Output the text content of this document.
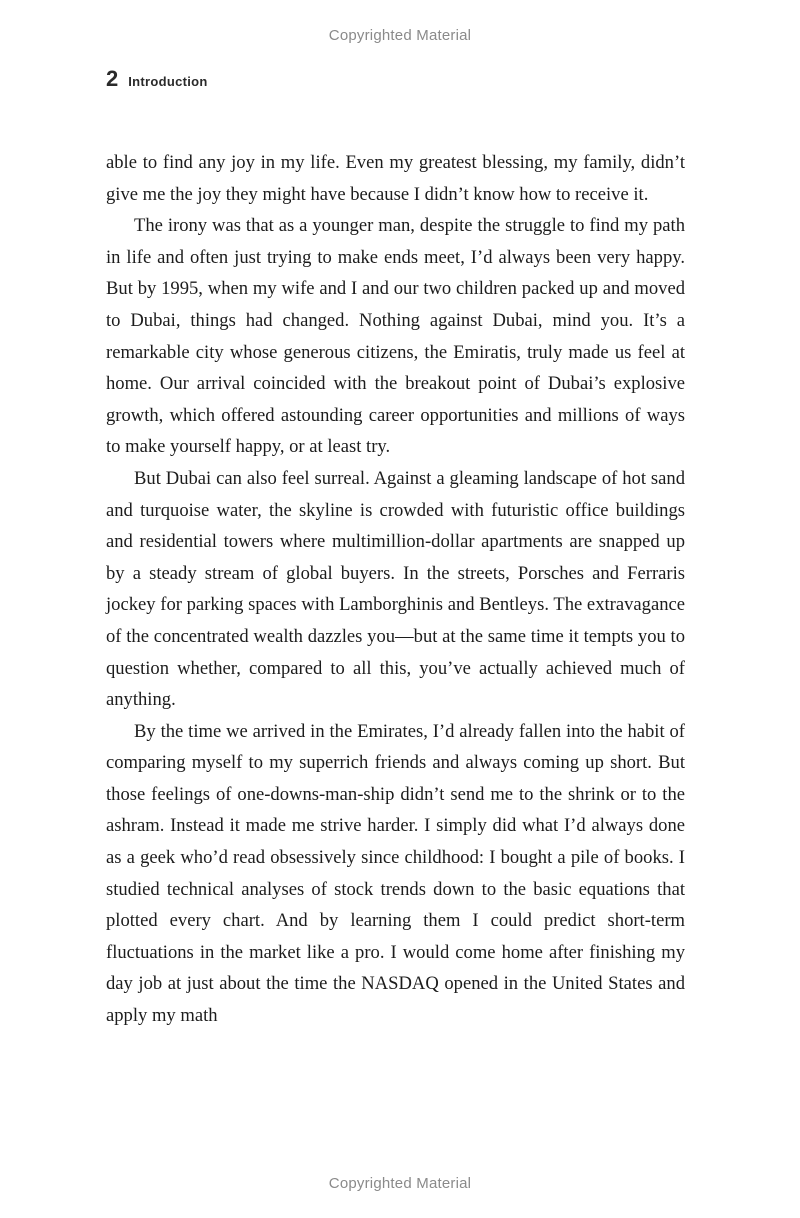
Copyrighted Material
2 Introduction

able to find any joy in my life. Even my greatest blessing, my family, didn’t give me the joy they might have because I didn’t know how to receive it.

The irony was that as a younger man, despite the struggle to find my path in life and often just trying to make ends meet, I’d always been very happy. But by 1995, when my wife and I and our two children packed up and moved to Dubai, things had changed. Nothing against Dubai, mind you. It’s a remarkable city whose generous citizens, the Emiratis, truly made us feel at home. Our arrival coincided with the breakout point of Dubai’s explosive growth, which offered astounding career opportunities and millions of ways to make yourself happy, or at least try.

But Dubai can also feel surreal. Against a gleaming landscape of hot sand and turquoise water, the skyline is crowded with futuristic office buildings and residential towers where multimillion-dollar apartments are snapped up by a steady stream of global buyers. In the streets, Porsches and Ferraris jockey for parking spaces with Lamborghinis and Bentleys. The extravagance of the concentrated wealth dazzles you—but at the same time it tempts you to question whether, compared to all this, you’ve actually achieved much of anything.

By the time we arrived in the Emirates, I’d already fallen into the habit of comparing myself to my superrich friends and always coming up short. But those feelings of one-downs-man-ship didn’t send me to the shrink or to the ashram. Instead it made me strive harder. I simply did what I’d always done as a geek who’d read obsessively since childhood: I bought a pile of books. I studied technical analyses of stock trends down to the basic equations that plotted every chart. And by learning them I could predict short-term fluctuations in the market like a pro. I would come home after finishing my day job at just about the time the NASDAQ opened in the United States and apply my math

Copyrighted Material
